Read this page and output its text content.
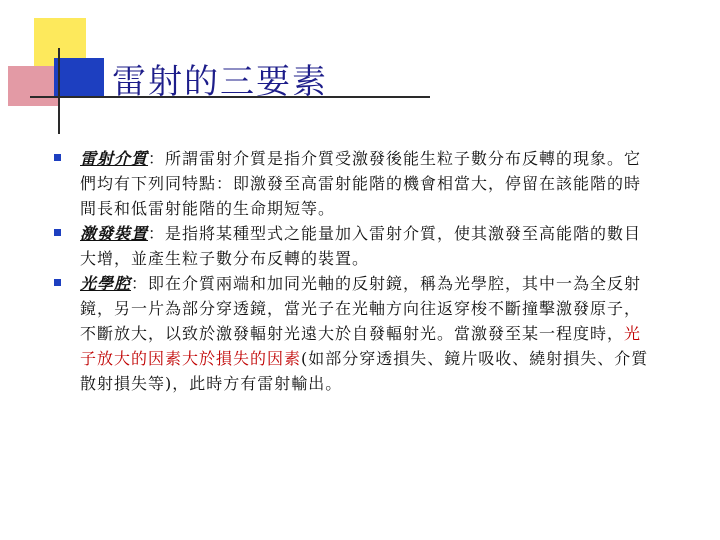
雷射的三要素
雷射介質：所謂雷射介質是指介質受激發後能生粒子數分布反轉的現象。它們均有下列同特點：即激發至高雷射能階的機會相當大，停留在該能階的時間長和低雷射能階的生命期短等。
激發裝置：是指將某種型式之能量加入雷射介質，使其激發至高能階的數目大增，並產生粒子數分布反轉的裝置。
光學腔：即在介質兩端和加同光軸的反射鏡，稱為光學腔，其中一為全反射鏡，另一片為部分穿透鏡，當光子在光軸方向往返穿梭不斷撞擊激發原子，不斷放大，以致於激發輻射光遠大於自發輻射光。當激發至某一程度時，光子放大的因素大於損失的因素(如部分穿透損失、鏡片吸收、繞射損失、介質散射損失等)，此時方有雷射輸出。
